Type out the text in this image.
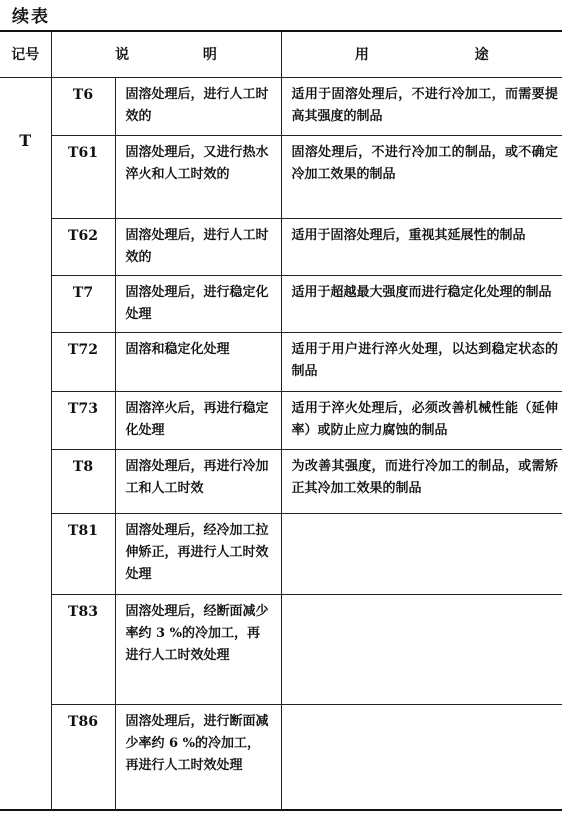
续表
记号	说 明		用 途
T	T6	固溶处理后，进行人工时效的	适用于固溶处理后，不进行冷加工，而需要提高其强度的制品
	T61	固溶处理后，又进行热水淬火和人工时效的	固溶处理后，不进行冷加工的制品，或不确定冷加工效果的制品
	T62	固溶处理后，进行人工时效的	适用于固溶处理后，重视其延展性的制品
	T7	固溶处理后，进行稳定化处理	适用于超越最大强度而进行稳定化处理的制品
	T72	固溶和稳定化处理	适用于用户进行淬火处理，以达到稳定状态的制品
	T73	固溶淬火后，再进行稳定化处理	适用于淬火处理后，必须改善机械性能（延伸率）或防止应力腐蚀的制品
	T8	固溶处理后，再进行冷加工和人工时效	为改善其强度，而进行冷加工的制品，或需矫正其冷加工效果的制品
	T81	固溶处理后，经冷加工拉伸矫正，再进行人工时效处理	
	T83	固溶处理后，经断面减少率约 3 %的冷加工，再进行人工时效处理	
	T86	固溶处理后，进行断面减少率约 6 %的冷加工，再进行人工时效处理	
